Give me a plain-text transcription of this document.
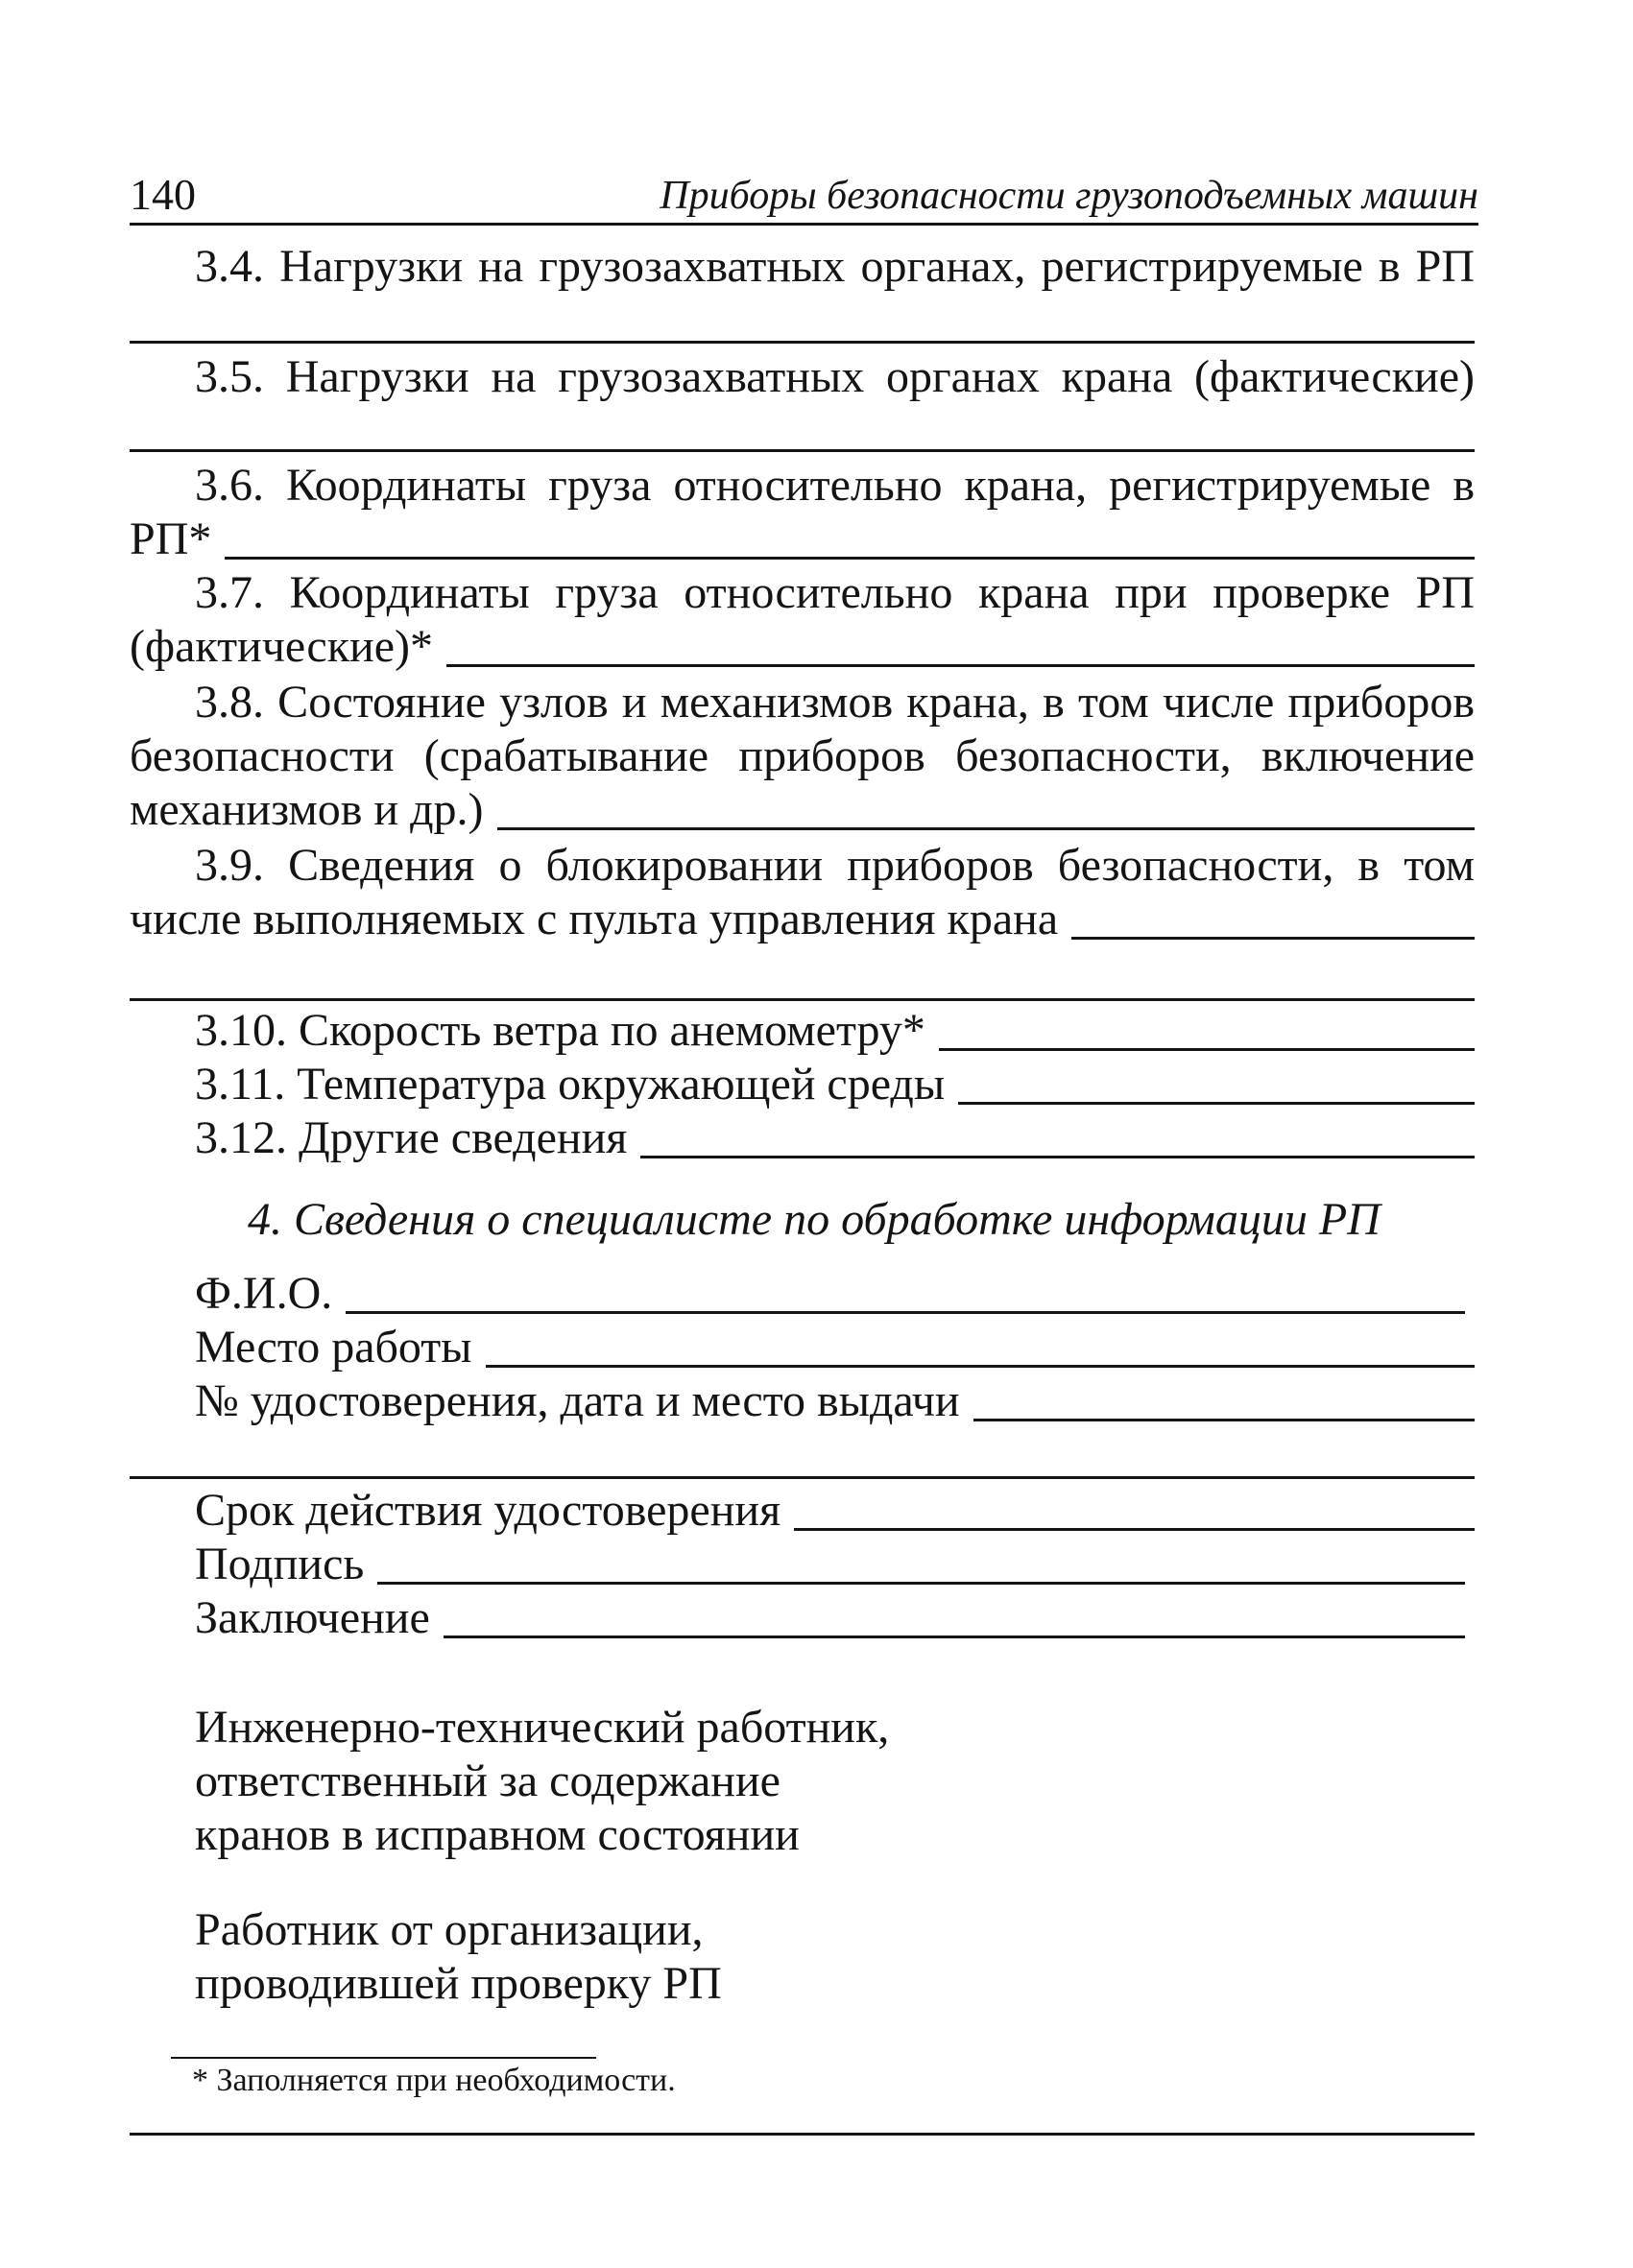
140	Приборы безопасности грузоподъемных машин
3.4. Нагрузки на грузозахватных органах, регистрируемые в РП
3.5. Нагрузки на грузозахватных органах крана (фактические)
3.6. Координаты груза относительно крана, регистрируемые в
РП*
3.7. Координаты груза относительно крана при проверке РП
(фактические)*
3.8. Состояние узлов и механизмов крана, в том числе приборов
безопасности (срабатывание приборов безопасности, включение
механизмов и др.)
3.9. Сведения о блокировании приборов безопасности, в том
числе выполняемых с пульта управления крана
3.10. Скорость ветра по анемометру*
3.11. Температура окружающей среды
3.12. Другие сведения
4. Сведения о специалисте по обработке информации РП
Ф.И.О.
Место работы
№ удостоверения, дата и место выдачи
Срок действия удостоверения
Подпись
Заключение
Инженерно-технический работник,
ответственный за содержание
кранов в исправном состоянии
Работник от организации,
проводившей проверку РП
* Заполняется при необходимости.
